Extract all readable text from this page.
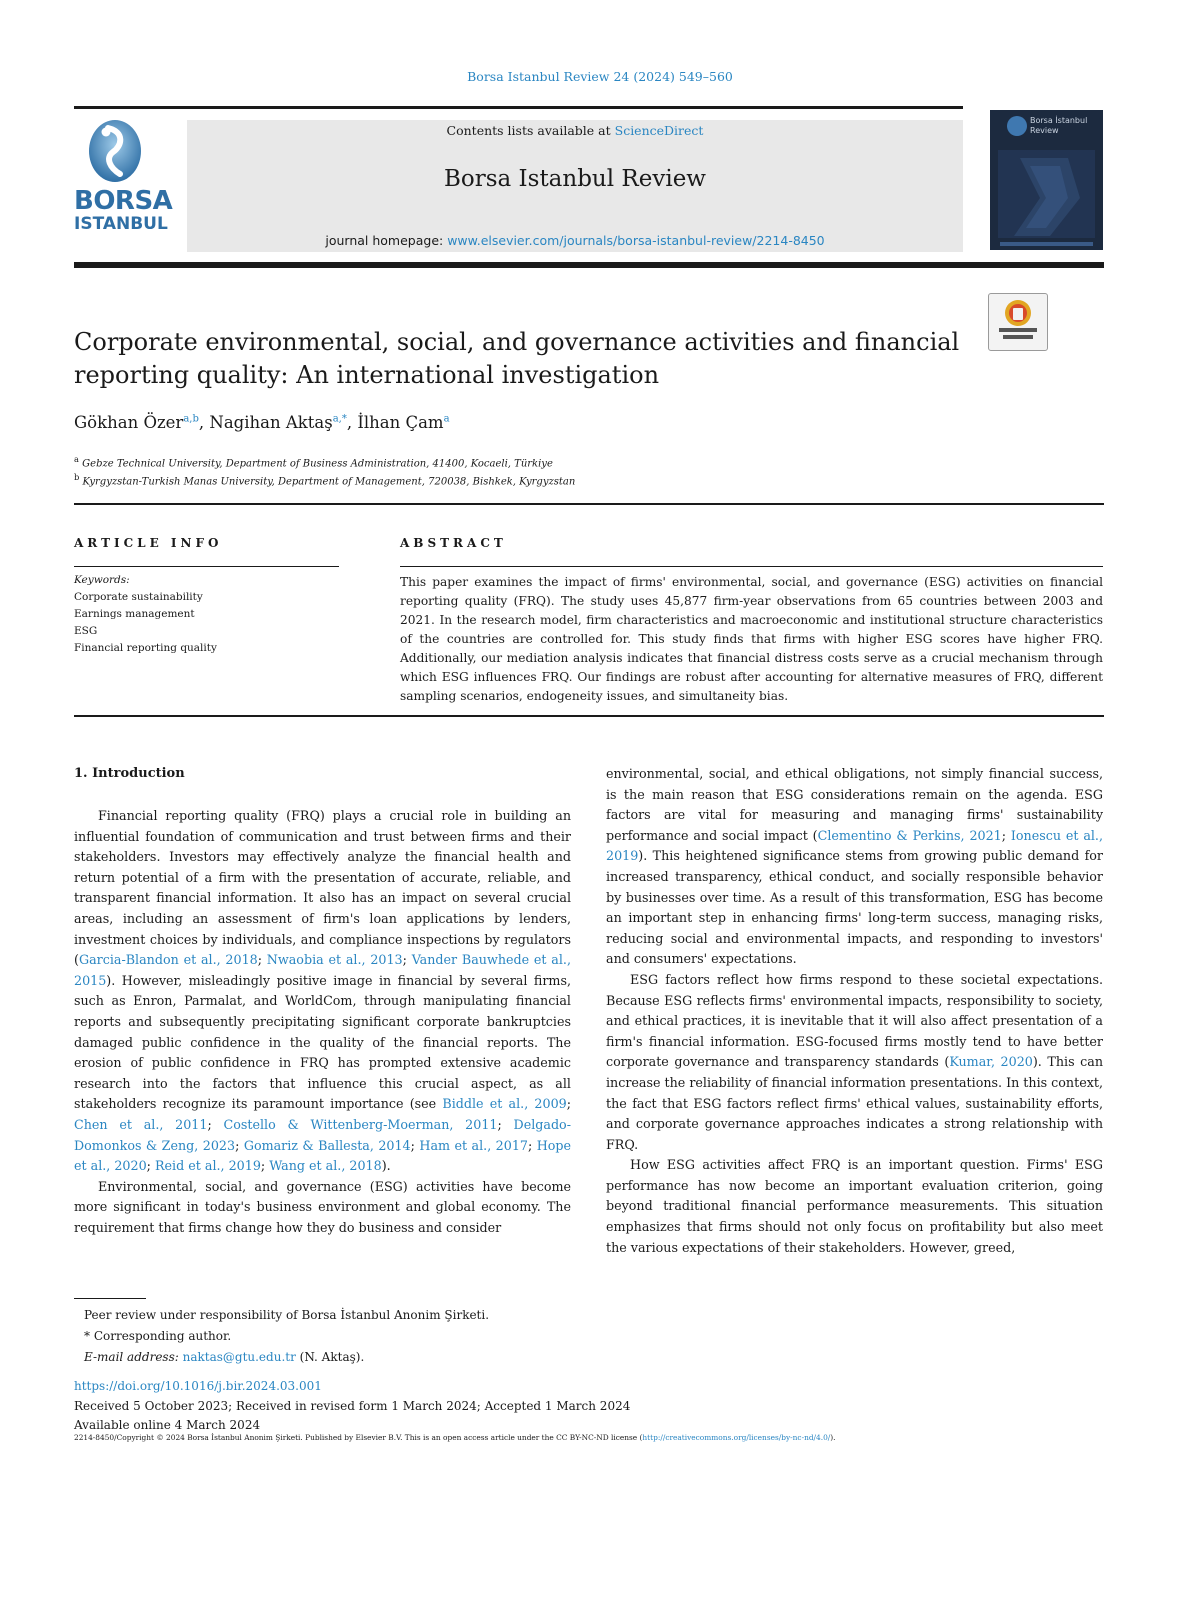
Borsa Istanbul Review 24 (2024) 549–560
BORSA
ISTANBUL
Contents lists available at ScienceDirect
Borsa Istanbul Review
journal homepage: www.elsevier.com/journals/borsa-istanbul-review/2214-8450
Borsa İstanbul
Review
Corporate environmental, social, and governance activities and financial
reporting quality: An international investigation
Gökhan Özer$^{a,b}$, Nagihan Aktaş$^{a,*}$, İlhan Çam$^a$
$^a$ Gebze Technical University, Department of Business Administration, 41400, Kocaeli, Türkiye
$^b$ Kyrgyzstan-Turkish Manas University, Department of Management, 720038, Bishkek, Kyrgyzstan
ARTICLE INFO	ABSTRACT
Keywords:
Corporate sustainability
Earnings management
ESG
Financial reporting quality
This paper examines the impact of firms' environmental, social, and governance (ESG) activities on financial reporting quality (FRQ). The study uses 45,877 firm-year observations from 65 countries between 2003 and 2021. In the research model, firm characteristics and macroeconomic and institutional structure characteristics of the countries are controlled for. This study finds that firms with higher ESG scores have higher FRQ. Additionally, our mediation analysis indicates that financial distress costs serve as a crucial mechanism through which ESG influences FRQ. Our findings are robust after accounting for alternative measures of FRQ, different sampling scenarios, endogeneity issues, and simultaneity bias.
1. Introduction

Financial reporting quality (FRQ) plays a crucial role in building an influential foundation of communication and trust between firms and their stakeholders. Investors may effectively analyze the financial health and return potential of a firm with the presentation of accurate, reliable, and transparent financial information. It also has an impact on several crucial areas, including an assessment of firm's loan applications by lenders, investment choices by individuals, and compliance inspections by regulators (Garcia-Blandon et al., 2018; Nwaobia et al., 2013; Vander Bauwhede et al., 2015). However, misleadingly positive image in financial by several firms, such as Enron, Parmalat, and WorldCom, through manipulating financial reports and subsequently precipitating significant corporate bankruptcies damaged public confidence in the quality of the financial reports. The erosion of public confidence in FRQ has prompted extensive academic research into the factors that influence this crucial aspect, as all stakeholders recognize its paramount importance (see Biddle et al., 2009; Chen et al., 2011; Costello & Wittenberg-Moerman, 2011; Delgado-Domonkos & Zeng, 2023; Gomariz & Ballesta, 2014; Ham et al., 2017; Hope et al., 2020; Reid et al., 2019; Wang et al., 2018).

Environmental, social, and governance (ESG) activities have become more significant in today's business environment and global economy. The requirement that firms change how they do business and consider

environmental, social, and ethical obligations, not simply financial success, is the main reason that ESG considerations remain on the agenda. ESG factors are vital for measuring and managing firms' sustainability performance and social impact (Clementino & Perkins, 2021; Ionescu et al., 2019). This heightened significance stems from growing public demand for increased transparency, ethical conduct, and socially responsible behavior by businesses over time. As a result of this transformation, ESG has become an important step in enhancing firms' long-term success, managing risks, reducing social and environmental impacts, and responding to investors' and consumers' expectations.

ESG factors reflect how firms respond to these societal expectations. Because ESG reflects firms' environmental impacts, responsibility to society, and ethical practices, it is inevitable that it will also affect presentation of a firm's financial information. ESG-focused firms mostly tend to have better corporate governance and transparency standards (Kumar, 2020). This can increase the reliability of financial information presentations. In this context, the fact that ESG factors reflect firms' ethical values, sustainability efforts, and corporate governance approaches indicates a strong relationship with FRQ.

How ESG activities affect FRQ is an important question. Firms' ESG performance has now become an important evaluation criterion, going beyond traditional financial performance measurements. This situation emphasizes that firms should not only focus on profitability but also meet the various expectations of their stakeholders. However, greed,

Peer review under responsibility of Borsa İstanbul Anonim Şirketi.
* Corresponding author.
E-mail address: naktas@gtu.edu.tr (N. Aktaş).
https://doi.org/10.1016/j.bir.2024.03.001
Received 5 October 2023; Received in revised form 1 March 2024; Accepted 1 March 2024
Available online 4 March 2024
2214-8450/Copyright © 2024 Borsa İstanbul Anonim Şirketi. Published by Elsevier B.V. This is an open access article under the CC BY-NC-ND license (http://creativecommons.org/licenses/by-nc-nd/4.0/).
